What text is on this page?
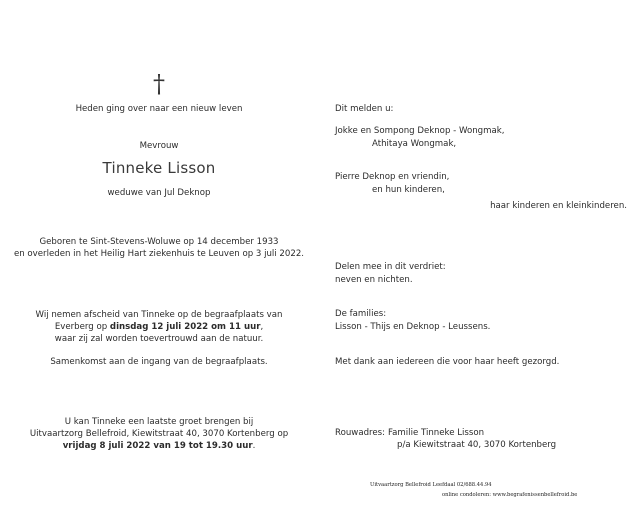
†
Heden ging over naar een nieuw leven
Mevrouw
Tinneke Lisson
weduwe van Jul Deknop
Geboren te Sint-Stevens-Woluwe op 14 december 1933
en overleden in het Heilig Hart ziekenhuis te Leuven op 3 juli 2022.
Wij nemen afscheid van Tinneke op de begraafplaats van
Everberg op dinsdag 12 juli 2022 om 11 uur,
waar zij zal worden toevertrouwd aan de natuur.
Samenkomst aan de ingang van de begraafplaats.
U kan Tinneke een laatste groet brengen bij
Uitvaartzorg Bellefroid, Kiewitstraat 40, 3070 Kortenberg op
vrijdag 8 juli 2022 van 19 tot 19.30 uur.
Dit melden u:
Jokke en Sompong Deknop - Wongmak,
Athitaya Wongmak,
Pierre Deknop en vriendin,
en hun kinderen,
haar kinderen en kleinkinderen.
Delen mee in dit verdriet:
neven en nichten.
De families:
Lisson - Thijs en Deknop - Leussens.
Met dank aan iedereen die voor haar heeft gezorgd.
Rouwadres: Familie Tinneke Lisson
p/a Kiewitstraat 40, 3070 Kortenberg
Uitvaartzorg Bellefroid Leefdaal 02/688.44.94
online condoleren: www.begrafenissenbellefroid.be
